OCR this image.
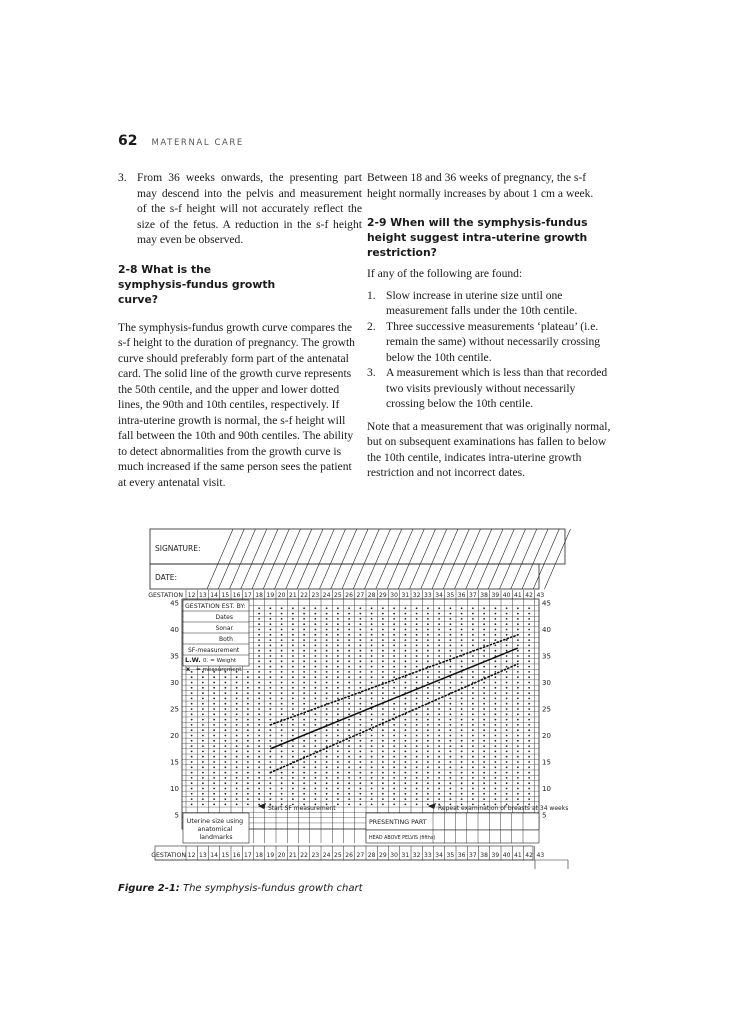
62 MATERNAL CARE
3. From 36 weeks onwards, the presenting part may descend into the pelvis and measurement of the s-f height will not accurately reflect the size of the fetus. A reduction in the s-f height may even be observed.

2-8 What is the symphysis-fundus growth curve?

The symphysis-fundus growth curve compares the s-f height to the duration of pregnancy. The growth curve should preferably form part of the antenatal card. The solid line of the growth curve represents the 50th centile, and the upper and lower dotted lines, the 90th and 10th centiles, respectively. If intra-uterine growth is normal, the s-f height will fall between the 10th and 90th centiles. The ability to detect abnormalities from the growth curve is much increased if the same person sees the patient at every antenatal visit.

Between 18 and 36 weeks of pregnancy, the s-f height normally increases by about 1 cm a week.

2-9 When will the symphysis-fundus height suggest intra-uterine growth restriction?

If any of the following are found:

1. Slow increase in uterine size until one measurement falls under the 10th centile.
2. Three successive measurements ‘plateau’ (i.e. remain the same) without necessarily crossing below the 10th centile.
3. A measurement which is less than that recorded two visits previously without necessarily crossing below the 10th centile.

Note that a measurement that was originally normal, but on subsequent examinations has fallen to below the 10th centile, indicates intra-uterine growth restriction and not incorrect dates.

SIGNATURE:
DATE:
GESTATION 12 13 14 15 16 17 18 19 20 21 22 23 24 25 26 27 28 29 30 31 32 33 34 35 36 37 38 39 40 41 42 43
GESTATION EST. BY:
Dates
Sonar
Both
SF-measurement
L.W. 0. = Weight
x = measurement
45	45
40	40
35	35
30	30
25	25
20	20
15	15
10	10
5	5
Start SF measurement	Repeat examination of breasts at 34 weeks
Uterine size using anatomical landmarks
PRESENTING PART
HEAD ABOVE PELVIS (fifths)
GESTATION 12 13 14 15 16 17 18 19 20 21 22 23 24 25 26 27 28 29 30 31 32 33 34 35 36 37 38 39 40 41 42 43
Figure 2-1: The symphysis-fundus growth chart
